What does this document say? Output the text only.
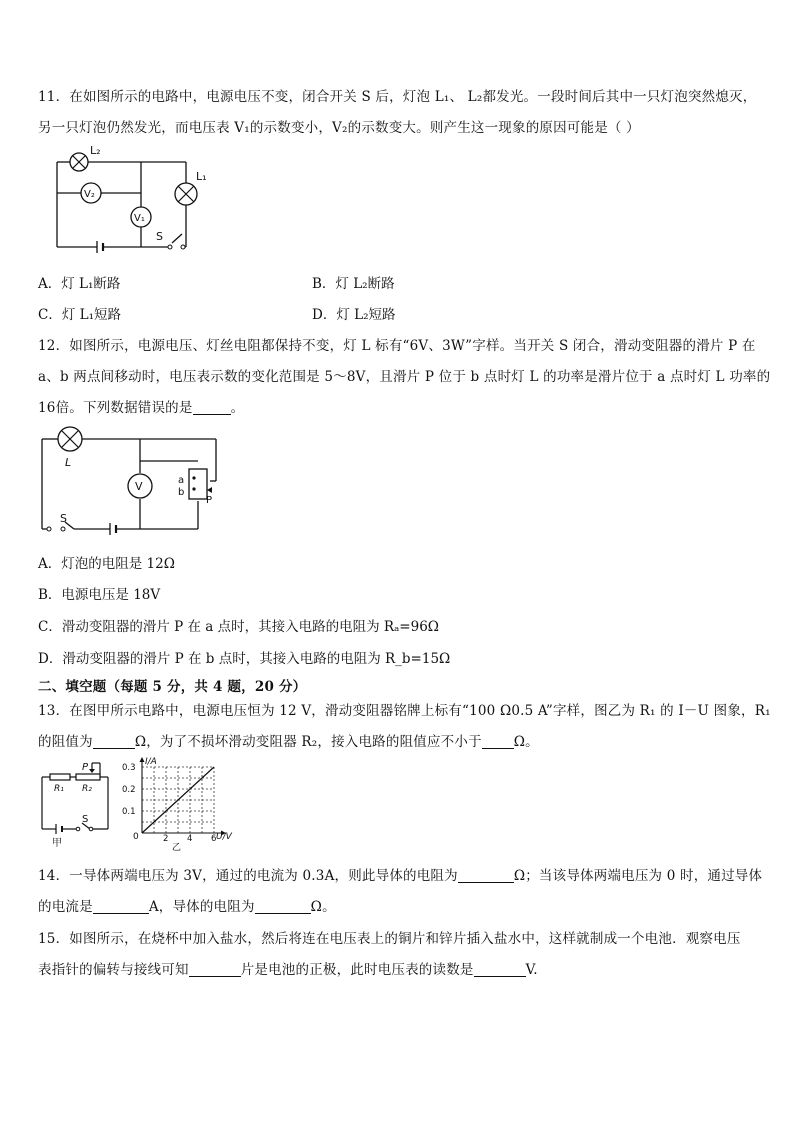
11．在如图所示的电路中，电源电压不变，闭合开关 S 后，灯泡 L₁、 L₂都发光。一段时间后其中一只灯泡突然熄灭，
另一只灯泡仍然发光，而电压表 V₁的示数变小，V₂的示数变大。则产生这一现象的原因可能是（ ）
L₂
L₁
V₂
V₁
S
A．灯 L₁断路	B．灯 L₂断路
C．灯 L₁短路	D．灯 L₂短路
12．如图所示，电源电压、灯丝电阻都保持不变，灯 L 标有“6V、3W”字样。当开关 S 闭合，滑动变阻器的滑片 P 在
a、b 两点间移动时，电压表示数的变化范围是 5～8V，且滑片 P 位于 b 点时灯 L 的功率是滑片位于 a 点时灯 L 功率的
16倍。下列数据错误的是	。
L
V	a
b
P
S
A．灯泡的电阻是 12Ω
B．电源电压是 18V
C．滑动变阻器的滑片 P 在 a 点时，其接入电路的电阻为 Rₐ=96Ω
D．滑动变阻器的滑片 P 在 b 点时，其接入电路的电阻为 R_b=15Ω
二、填空题（每题 5 分，共 4 题，20 分）
13．在图甲所示电路中，电源电压恒为 12 V，滑动变阻器铭牌上标有“100 Ω0.5 A”字样，图乙为 R₁ 的 I－U 图象，R₁
的阻值为	Ω，为了不损坏滑动变阻器 R₂，接入电路的阻值应不小于 Ω。
P
R₁ R₂
S
甲
0.3
0.2
0.1
2 4 6
I/A
U/V
0
乙
14．一导体两端电压为 3V，通过的电流为 0.3A，则此导体的电阻为	Ω；当该导体两端电压为 0 时，通过导体
的电流是	A，导体的电阻为	Ω。
15．如图所示，在烧杯中加入盐水，然后将连在电压表上的铜片和锌片插入盐水中，这样就制成一个电池．观察电压
表指针的偏转与接线可知	片是电池的正极，此时电压表的读数是	V.
